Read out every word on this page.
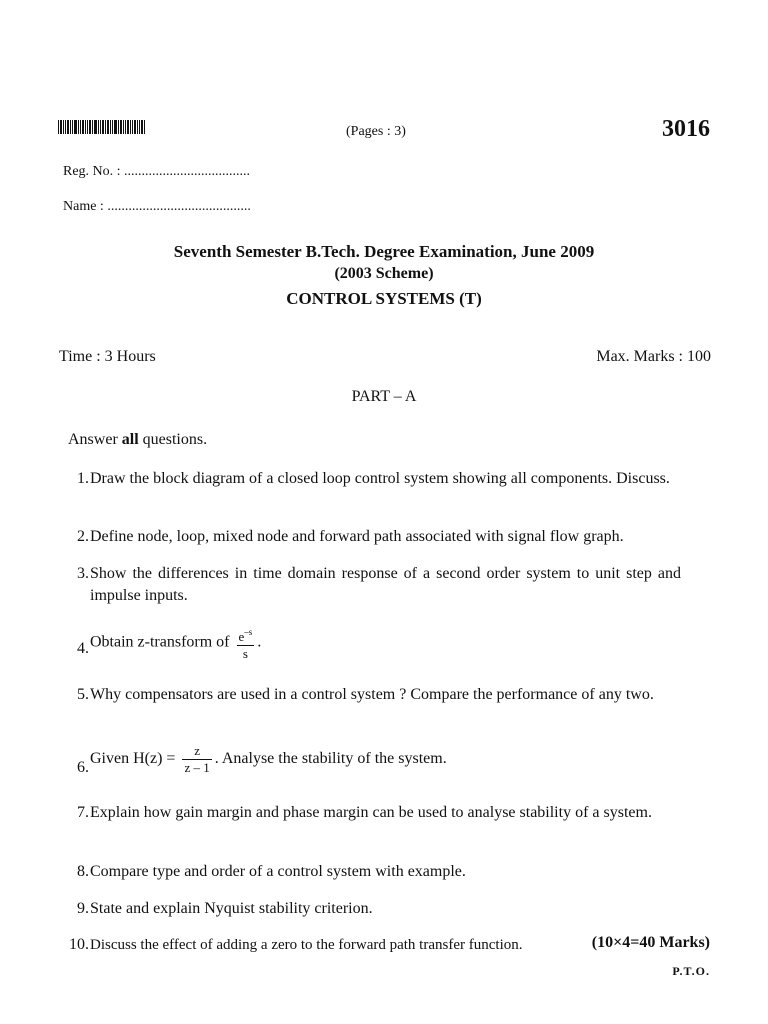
(Pages : 3)	3016
Reg. No. : ....................................
Name : .........................................
Seventh Semester B.Tech. Degree Examination, June 2009
(2003 Scheme)
CONTROL SYSTEMS (T)
Time : 3 Hours	Max. Marks : 100
PART – A
Answer all questions.
1. Draw the block diagram of a closed loop control system showing all components. Discuss.
2. Define node, loop, mixed node and forward path associated with signal flow graph.
3. Show the differences in time domain response of a second order system to unit step and impulse inputs.
4. Obtain z-transform of $\frac{e^{-s}}{s}$ .
5. Why compensators are used in a control system ? Compare the performance of any two.
6.
Given $H(z) = \frac{z}{z - 1}$ . Analyse the stability of the system.
7. Explain how gain margin and phase margin can be used to analyse stability of a system.
8. Compare type and order of a control system with example.
9. State and explain Nyquist stability criterion.
10. Discuss the effect of adding a zero to the forward path transfer function.	(10×4=40 Marks)
P.T.O.
